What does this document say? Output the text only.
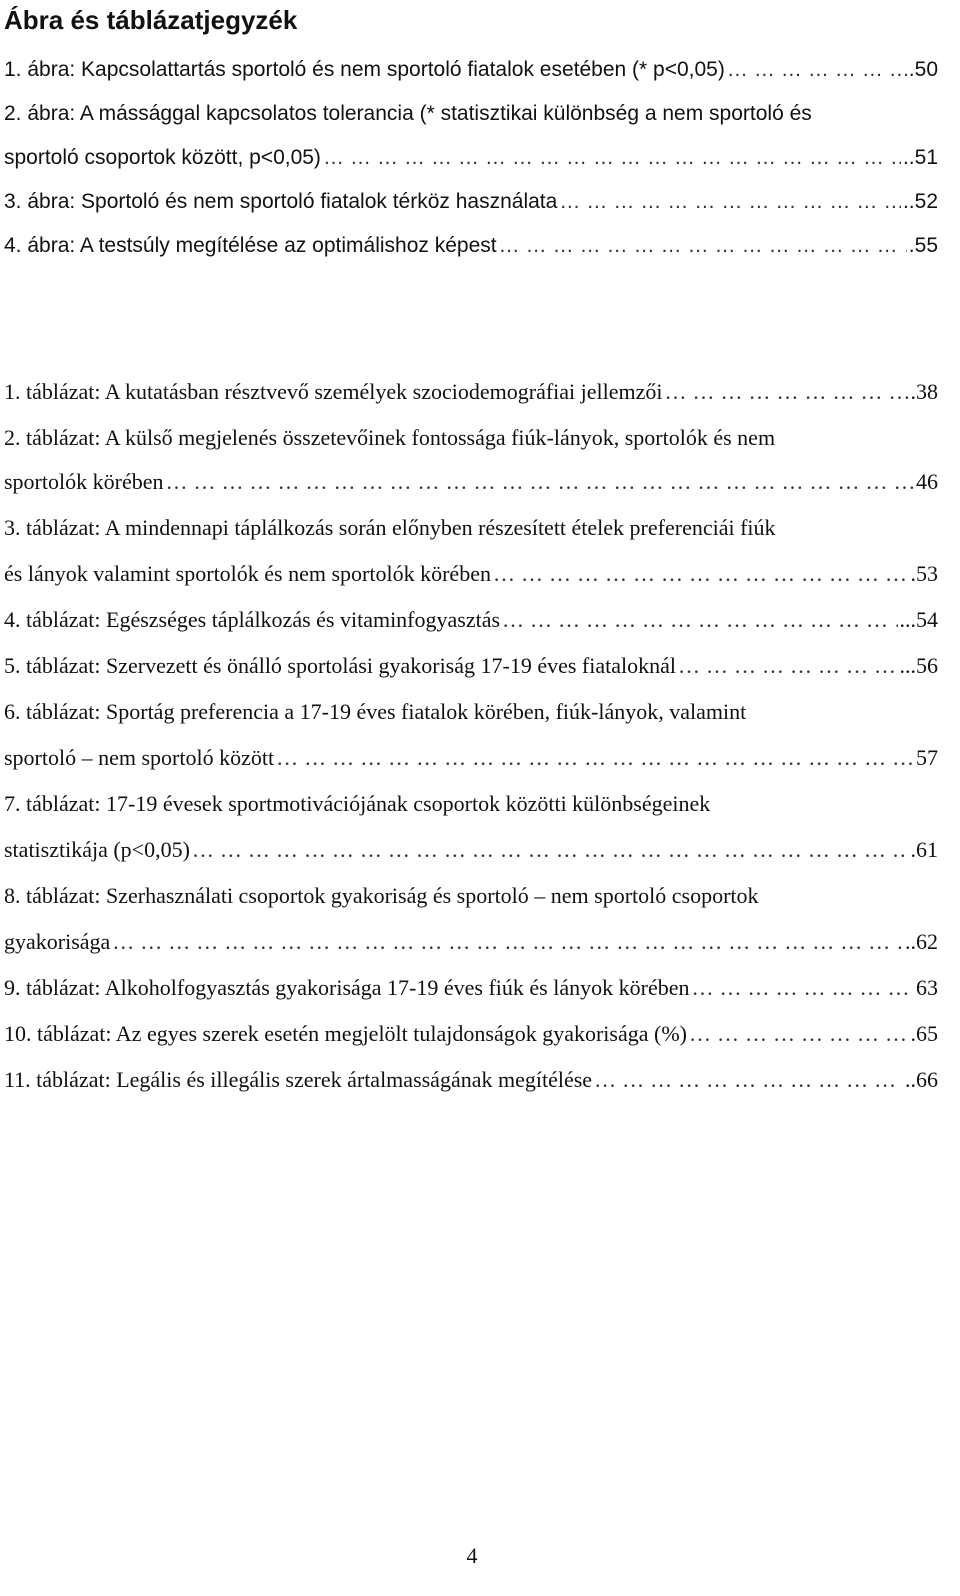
Ábra és táblázatjegyzék
1. ábra: Kapcsolattartás sportoló és nem sportoló fiatalok esetében (* p<0,05) …………………………………………………………………………………………………………………………………………………………………………………………………………………………………………	. 50
2. ábra: A mássággal kapcsolatos tolerancia (* statisztikai különbség a nem sportoló és
sportoló csoportok között, p<0,05) …………………………………………………………………………………………………………………………………………………………………………………………………………………………………………	.. 51
3. ábra: Sportoló és nem sportoló fiatalok térköz használata …………………………………………………………………………………………………………………………………………………………………………………………………………………………………………	.. 52
4. ábra: A testsúly megítélése az optimálishoz képest …………………………………………………………………………………………………………………………………………………………………………………………………………………………………………	. 55
1. táblázat: A kutatásban résztvevő személyek szociodemográfiai jellemzői …………………………………………………………………………………………………………………………………………………………………………………………………………………………………………	. 38
2. táblázat: A külső megjelenés összetevőinek fontossága fiúk-lányok, sportolók és nem
sportolók körében …………………………………………………………………………………………………………………………………………………………………………………………………………………………………………	46
3. táblázat: A mindennapi táplálkozás során előnyben részesített ételek preferenciái fiúk
és lányok valamint sportolók és nem sportolók körében …………………………………………………………………………………………………………………………………………………………………………………………………………………………………………	. 53
4. táblázat: Egészséges táplálkozás és vitaminfogyasztás …………………………………………………………………………………………………………………………………………………………………………………………………………………………………………	... 54
5. táblázat: Szervezett és önálló sportolási gyakoriság 17-19 éves fiataloknál …………………………………………………………………………………………………………………………………………………………………………………………………………………………………………	... 56
6. táblázat: Sportág preferencia a 17-19 éves fiatalok körében, fiúk-lányok, valamint
sportoló – nem sportoló között …………………………………………………………………………………………………………………………………………………………………………………………………………………………………………	57
7. táblázat: 17-19 évesek sportmotivációjának csoportok közötti különbségeinek
statisztikája (p<0,05) …………………………………………………………………………………………………………………………………………………………………………………………………………………………………………	. 61
8. táblázat: Szerhasználati csoportok gyakoriság és sportoló – nem sportoló csoportok
gyakorisága …………………………………………………………………………………………………………………………………………………………………………………………………………………………………………	.. 62
9. táblázat: Alkoholfogyasztás gyakorisága 17-19 éves fiúk és lányok körében …………………………………………………………………………………………………………………………………………………………………………………………………………………………………………	63
10. táblázat: Az egyes szerek esetén megjelölt tulajdonságok gyakorisága (%) …………………………………………………………………………………………………………………………………………………………………………………………………………………………………………	. 65
11. táblázat: Legális és illegális szerek ártalmasságának megítélése …………………………………………………………………………………………………………………………………………………………………………………………………………………………………………	.. 66
4
